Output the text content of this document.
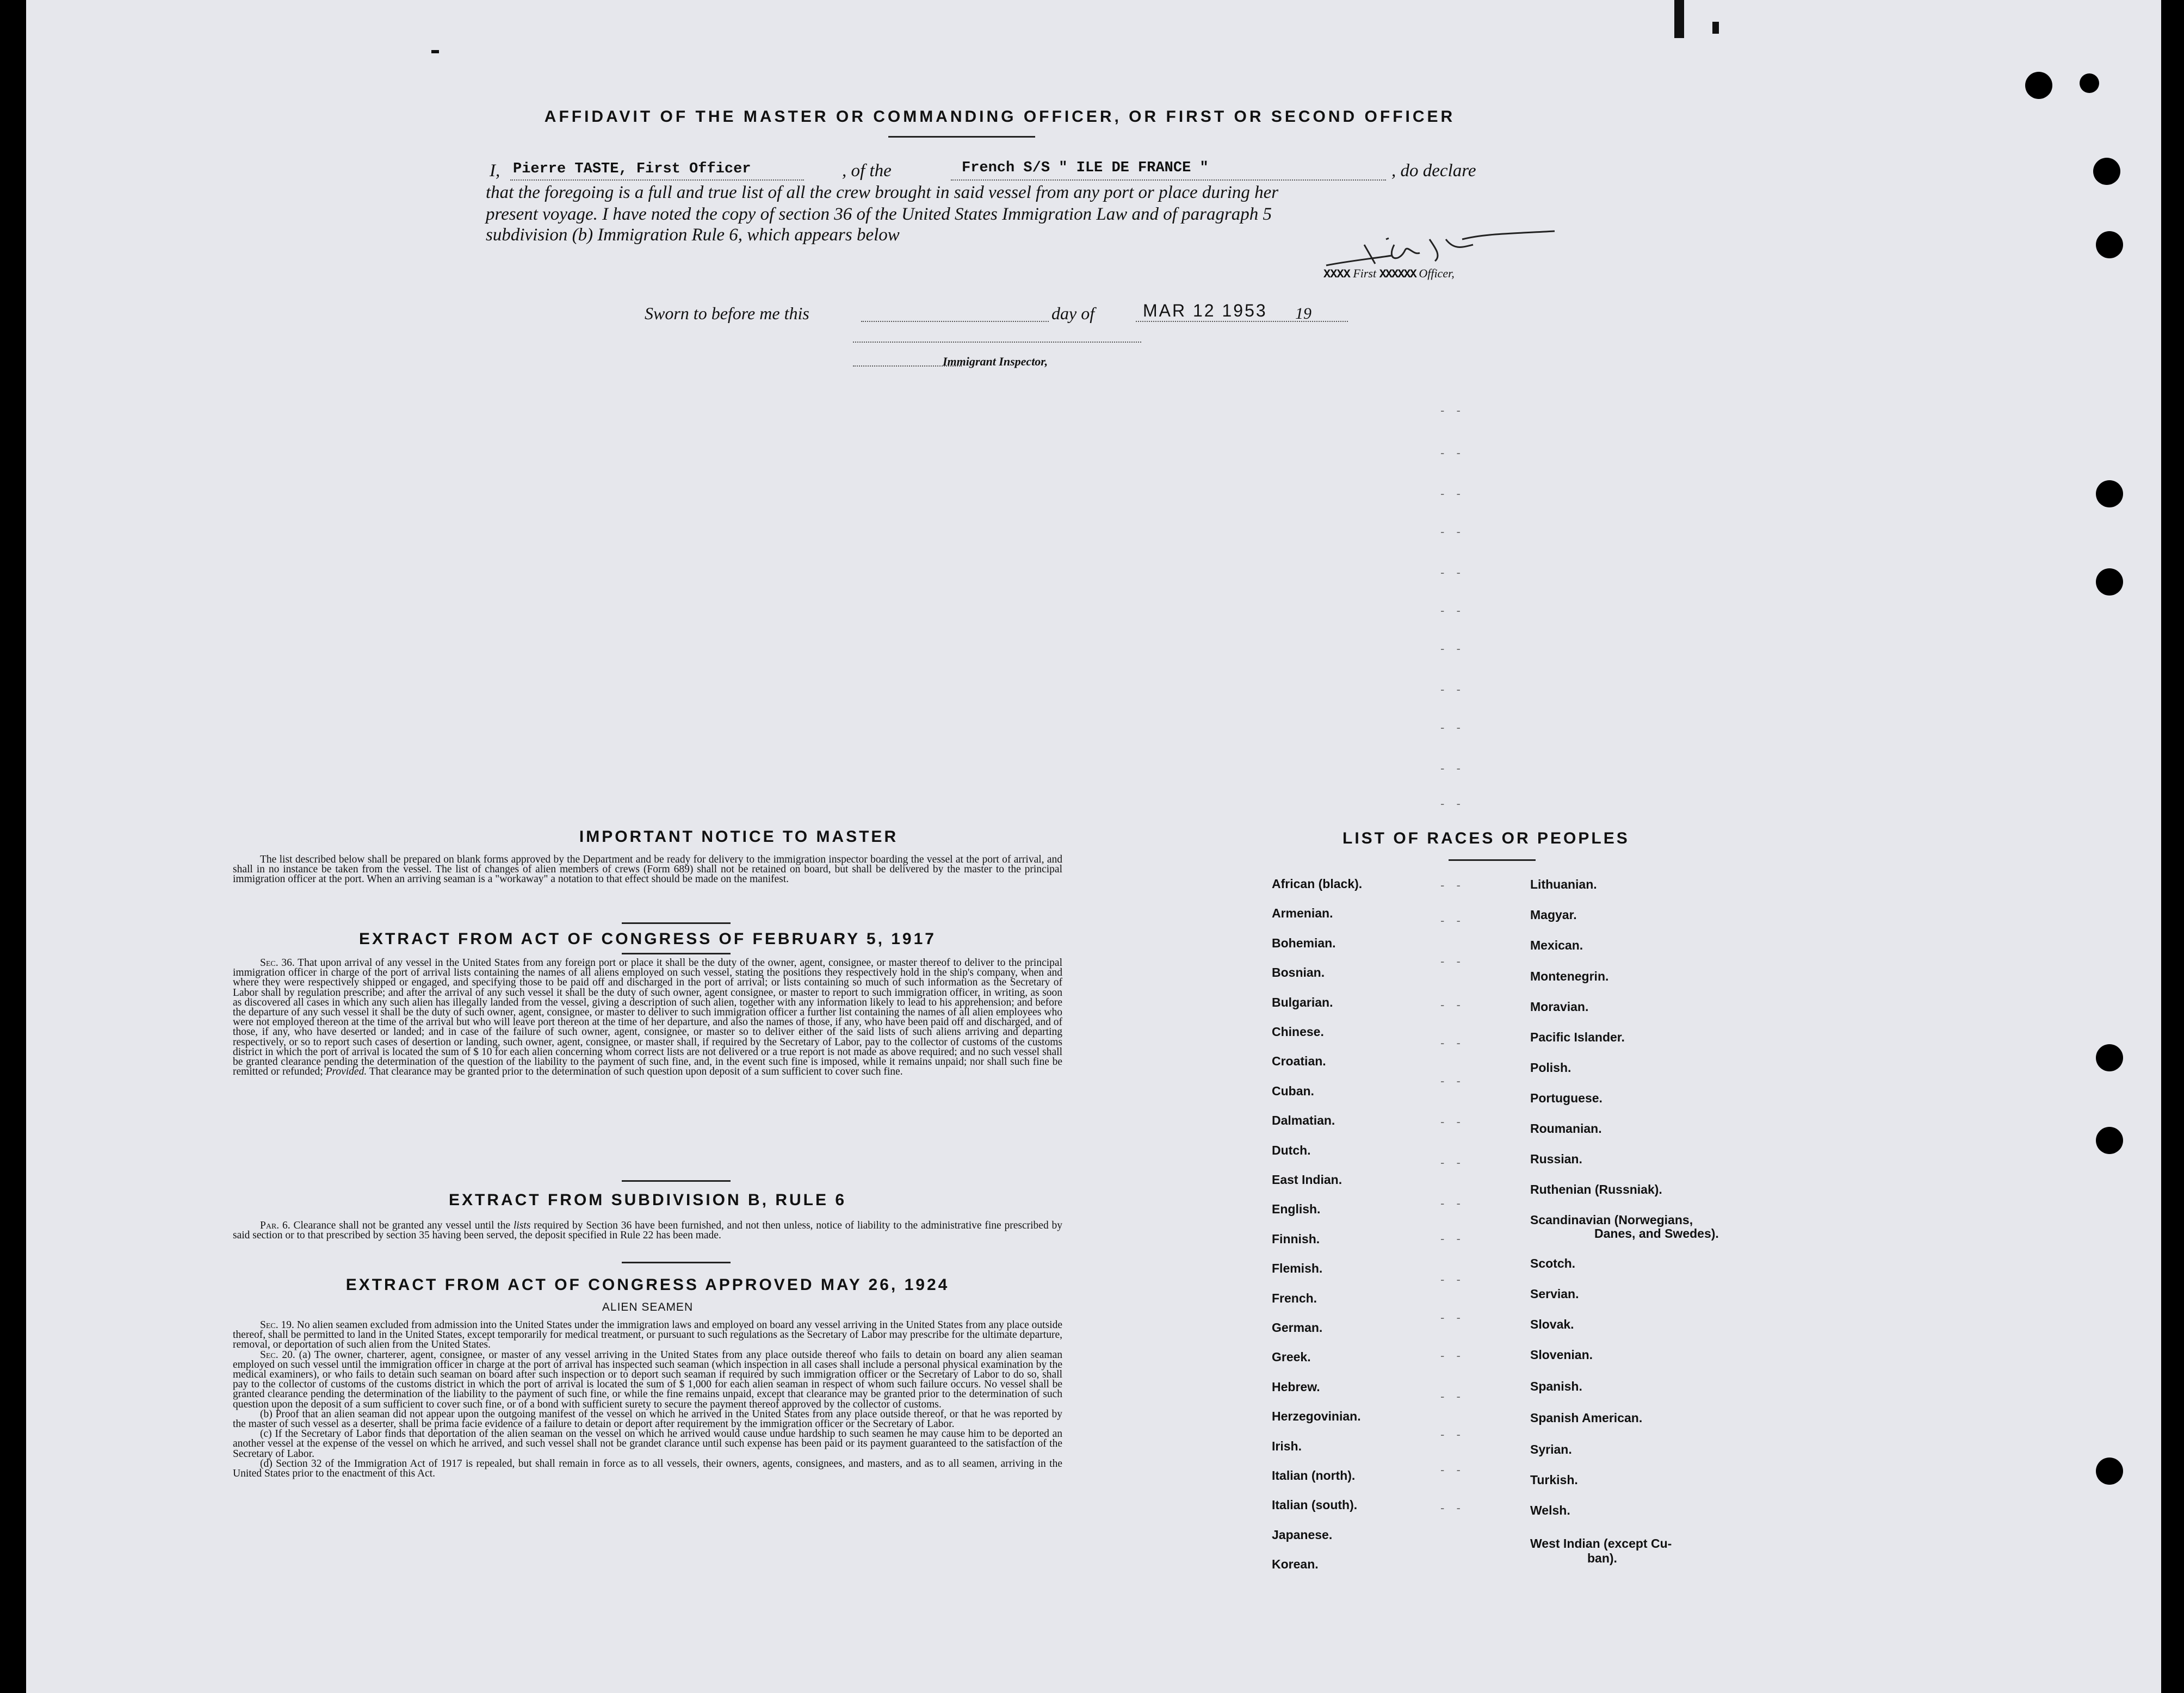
AFFIDAVIT OF THE MASTER OR COMMANDING OFFICER, OR FIRST OR SECOND OFFICER
I, Pierre TASTE, First Officer	, of the	French S/S " ILE DE FRANCE "	, do declare
that the foregoing is a full and true list of all the crew brought in said vessel from any port or place during her
present voyage. I have noted the copy of section 36 of the United States Immigration Law and of paragraph 5
subdivision (b) Immigration Rule 6, which appears below
XXXX First XXXXXX Officer,
Sworn to before me this	day of	MAR 12 1953 19
Immigrant Inspector,
- -
- -
- -
- -
- -
- -
- -
- -
- -
- -
- -
IMPORTANT NOTICE TO MASTER

The list described below shall be prepared on blank forms approved by the Department and be ready for delivery to the immigration inspector boarding the vessel at the port of arrival, and shall in no instance be taken from the vessel. The list of changes of alien members of crews (Form 689) shall not be retained on board, but shall be delivered by the master to the principal immigration officer at the port. When an arriving seaman is a "workaway" a notation to that effect should be made on the manifest.

EXTRACT FROM ACT OF CONGRESS OF FEBRUARY 5, 1917

Sec. 36. That upon arrival of any vessel in the United States from any foreign port or place it shall be the duty of the owner, agent, consignee, or master thereof to deliver to the principal immigration officer in charge of the port of arrival lists containing the names of all aliens employed on such vessel, stating the positions they respectively hold in the ship's company, when and where they were respectively shipped or engaged, and specifying those to be paid off and discharged in the port of arrival; or lists containing so much of such information as the Secretary of Labor shall by regulation prescribe; and after the arrival of any such vessel it shall be the duty of such owner, agent consignee, or master to report to such immigration officer, in writing, as soon as discovered all cases in which any such alien has illegally landed from the vessel, giving a description of such alien, together with any information likely to lead to his apprehension; and before the departure of any such vessel it shall be the duty of such owner, agent, consignee, or master to deliver to such immigration officer a further list containing the names of all alien employees who were not employed thereon at the time of the arrival but who will leave port thereon at the time of her departure, and also the names of those, if any, who have been paid off and discharged, and of those, if any, who have deserted or landed; and in case of the failure of such owner, agent, consignee, or master so to deliver either of the said lists of such aliens arriving and departing respectively, or so to report such cases of desertion or landing, such owner, agent, consignee, or master shall, if required by the Secretary of Labor, pay to the collector of customs of the customs district in which the port of arrival is located the sum of $ 10 for each alien concerning whom correct lists are not delivered or a true report is not made as above required; and no such vessel shall be granted clearance pending the determination of the question of the liability to the payment of such fine, and, in the event such fine is imposed, while it remains unpaid; nor shall such fine be remitted or refunded; Provided. That clearance may be granted prior to the determination of such question upon deposit of a sum sufficient to cover such fine.

EXTRACT FROM SUBDIVISION B, RULE 6

Par. 6. Clearance shall not be granted any vessel until the lists required by Section 36 have been furnished, and not then unless, notice of liability to the administrative fine prescribed by said section or to that prescribed by section 35 having been served, the deposit specified in Rule 22 has been made.

EXTRACT FROM ACT OF CONGRESS APPROVED MAY 26, 1924
ALIEN SEAMEN

Sec. 19. No alien seamen excluded from admission into the United States under the immigration laws and employed on board any vessel arriving in the United States from any place outside thereof, shall be permitted to land in the United States, except temporarily for medical treatment, or pursuant to such regulations as the Secretary of Labor may prescribe for the ultimate departure, removal, or deportation of such alien from the United States.

Sec. 20. (a) The owner, charterer, agent, consignee, or master of any vessel arriving in the United States from any place outside thereof who fails to detain on board any alien seaman employed on such vessel until the immigration officer in charge at the port of arrival has inspected such seaman (which inspection in all cases shall include a personal physical examination by the medical examiners), or who fails to detain such seaman on board after such inspection or to deport such seaman if required by such immigration officer or the Secretary of Labor to do so, shall pay to the collector of customs of the customs district in which the port of arrival is located the sum of $ 1,000 for each alien seaman in respect of whom such failure occurs. No vessel shall be granted clearance pending the determination of the liability to the payment of such fine, or while the fine remains unpaid, except that clearance may be granted prior to the determination of such question upon the deposit of a sum sufficient to cover such fine, or of a bond with sufficient surety to secure the payment thereof approved by the collector of customs.

(b) Proof that an alien seaman did not appear upon the outgoing manifest of the vessel on which he arrived in the United States from any place outside thereof, or that he was reported by the master of such vessel as a deserter, shall be prima facie evidence of a failure to detain or deport after requirement by the immigration officer or the Secretary of Labor.

(c) If the Secretary of Labor finds that deportation of the alien seaman on the vessel on which he arrived would cause undue hardship to such seamen he may cause him to be deported an another vessel at the expense of the vessel on which he arrived, and such vessel shall not be grandet clarance until such expense has been paid or its payment guaranteed to the satisfaction of the Secretary of Labor.

(d) Section 32 of the Immigration Act of 1917 is repealed, but shall remain in force as to all vessels, their owners, agents, consignees, and masters, and as to all seamen, arriving in the United States prior to the enactment of this Act.

LIST OF RACES OR PEOPLES
Danes, and Swedes).
ban).
- -
- -
- -
- -
- -
- -
- -
- -
- -
- -
- -
- -
- -
- -
- -
- -
- -
African (black).
Armenian.
Bohemian.
Bosnian.
Bulgarian.
Chinese.
Croatian.
Cuban.
Dalmatian.
Dutch.
East Indian.
English.
Finnish.
Flemish.
French.
German.
Greek.
Hebrew.
Herzegovinian.
Irish.
Italian (north).
Italian (south).
Japanese.
Korean.
Lithuanian.
Magyar.
Mexican.
Montenegrin.
Moravian.
Pacific Islander.
Polish.
Portuguese.
Roumanian.
Russian.
Ruthenian (Russniak).
Scandinavian (Norwegians,
Scotch.
Servian.
Slovak.
Slovenian.
Spanish.
Spanish American.
Syrian.
Turkish.
Welsh.
West Indian (except Cu-
